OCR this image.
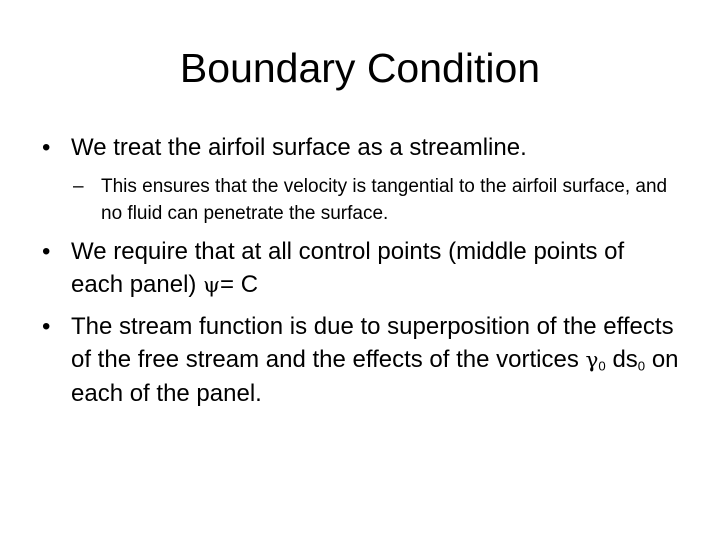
Boundary Condition
• We treat the airfoil surface as a streamline.
– This ensures that the velocity is tangential to the airfoil surface, and no fluid can penetrate the surface.
• We require that at all control points (middle points of each panel) ψ= C
• The stream function is due to superposition of the effects of the free stream and the effects of the vortices $\gamma_0$ $ds_0$ on each of the panel.
